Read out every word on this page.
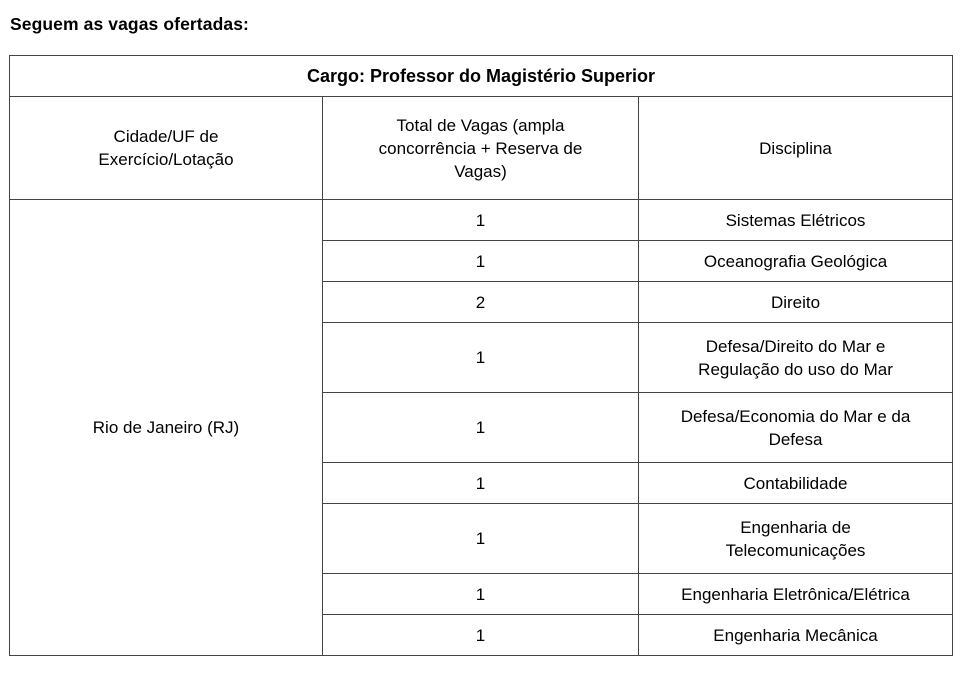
Seguem as vagas ofertadas:
Cargo: Professor do Magistério Superior		
Cidade/UF de Exercício/Lotação	Total de Vagas (ampla concorrência + Reserva de Vagas)	Disciplina
Rio de Janeiro (RJ)	1	Sistemas Elétricos
	1	Oceanografia Geológica
	2	Direito
	1	Defesa/Direito do Mar e Regulação do uso do Mar
	1	Defesa/Economia do Mar e da Defesa
	1	Contabilidade
	1	Engenharia de Telecomunicações
	1	Engenharia Eletrônica/Elétrica
	1	Engenharia Mecânica
